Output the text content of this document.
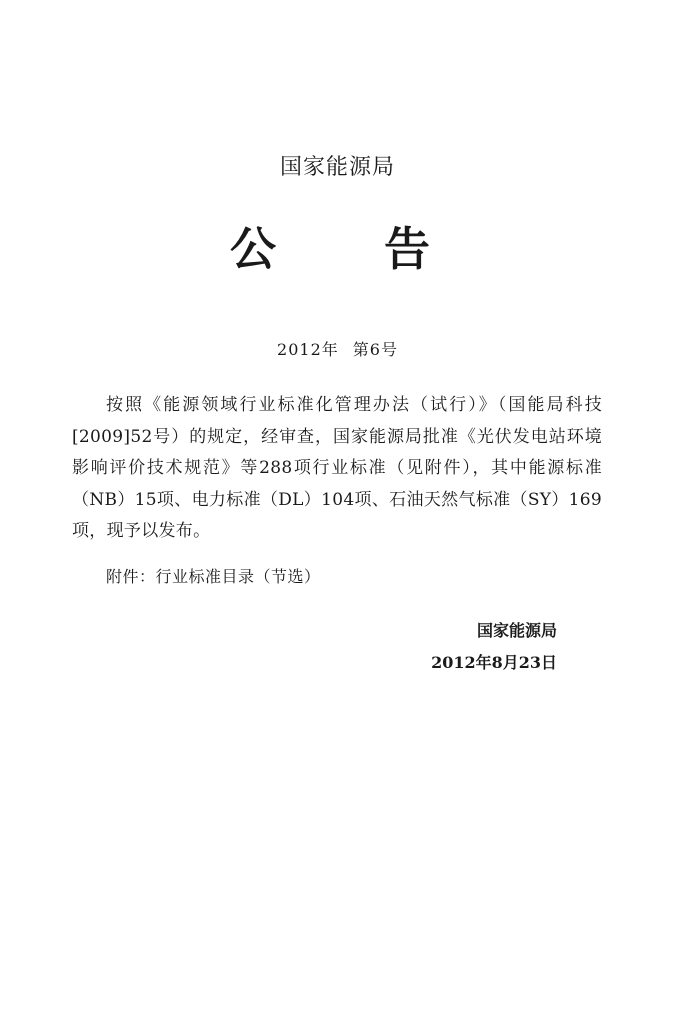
国家能源局
公 告
2012年 第6号
按照《能源领域行业标准化管理办法（试行）》（国能局科技[2009]52号）的规定，经审查，国家能源局批准《光伏发电站环境影响评价技术规范》等288项行业标准（见附件），其中能源标准（NB）15项、电力标准（DL）104项、石油天然气标准（SY）169项，现予以发布。
附件：行业标准目录（节选）
国家能源局
2012年8月23日
